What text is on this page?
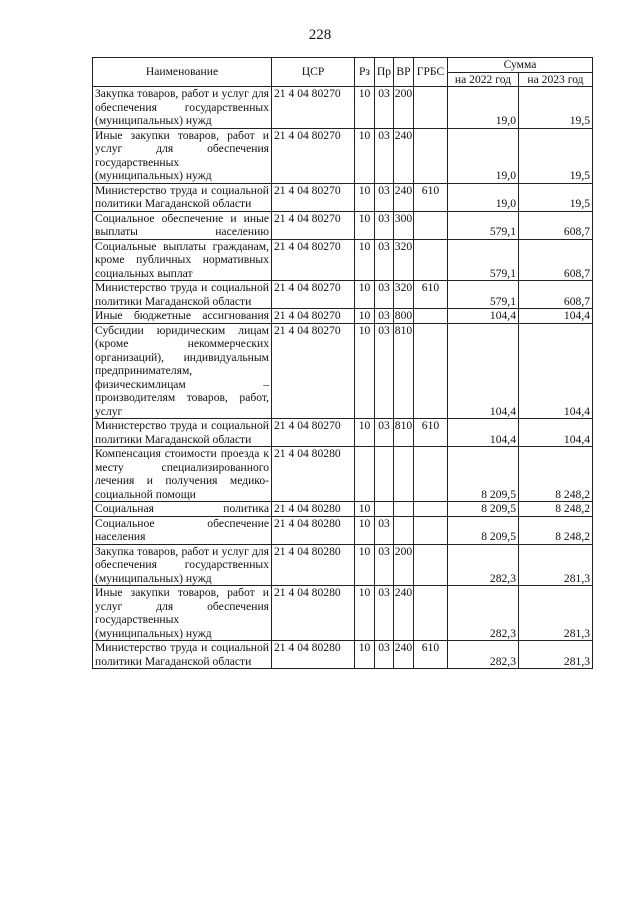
228
Наименование	ЦСР	Рз	Пр	ВР	ГРБС	Сумма	
						на 2022 год	на 2023 год
Закупка товаров, работ и услуг для обеспечения государственных (муниципальных) нужд	21 4 04 80270	10	03	200		19,0	19,5
Иные закупки товаров, работ и услуг для обеспечения государственных (муниципальных) нужд	21 4 04 80270	10	03	240		19,0	19,5
Министерство труда и социальной политики Магаданской области	21 4 04 80270	10	03	240	610	19,0	19,5
Социальное обеспечение и иные выплаты населению	21 4 04 80270	10	03	300		579,1	608,7
Социальные выплаты гражданам, кроме публичных нормативных социальных выплат	21 4 04 80270	10	03	320		579,1	608,7
Министерство труда и социальной политики Магаданской области	21 4 04 80270	10	03	320	610	579,1	608,7
Иные бюджетные ассигнования	21 4 04 80270	10	03	800		104,4	104,4
Субсидии юридическим лицам (кроме некоммерческих организаций), индивидуальным предпринимателям, физическимлицам – производителям товаров, работ, услуг	21 4 04 80270	10	03	810		104,4	104,4
Министерство труда и социальной политики Магаданской области	21 4 04 80270	10	03	810	610	104,4	104,4
Компенсация стоимости проезда к месту специализированного лечения и получения медико-социальной помощи	21 4 04 80280					8 209,5	8 248,2
Социальная политика	21 4 04 80280	10				8 209,5	8 248,2
Социальное обеспечение населения	21 4 04 80280	10	03			8 209,5	8 248,2
Закупка товаров, работ и услуг для обеспечения государственных (муниципальных) нужд	21 4 04 80280	10	03	200		282,3	281,3
Иные закупки товаров, работ и услуг для обеспечения государственных (муниципальных) нужд	21 4 04 80280	10	03	240		282,3	281,3
Министерство труда и социальной политики Магаданской области	21 4 04 80280	10	03	240	610	282,3	281,3
